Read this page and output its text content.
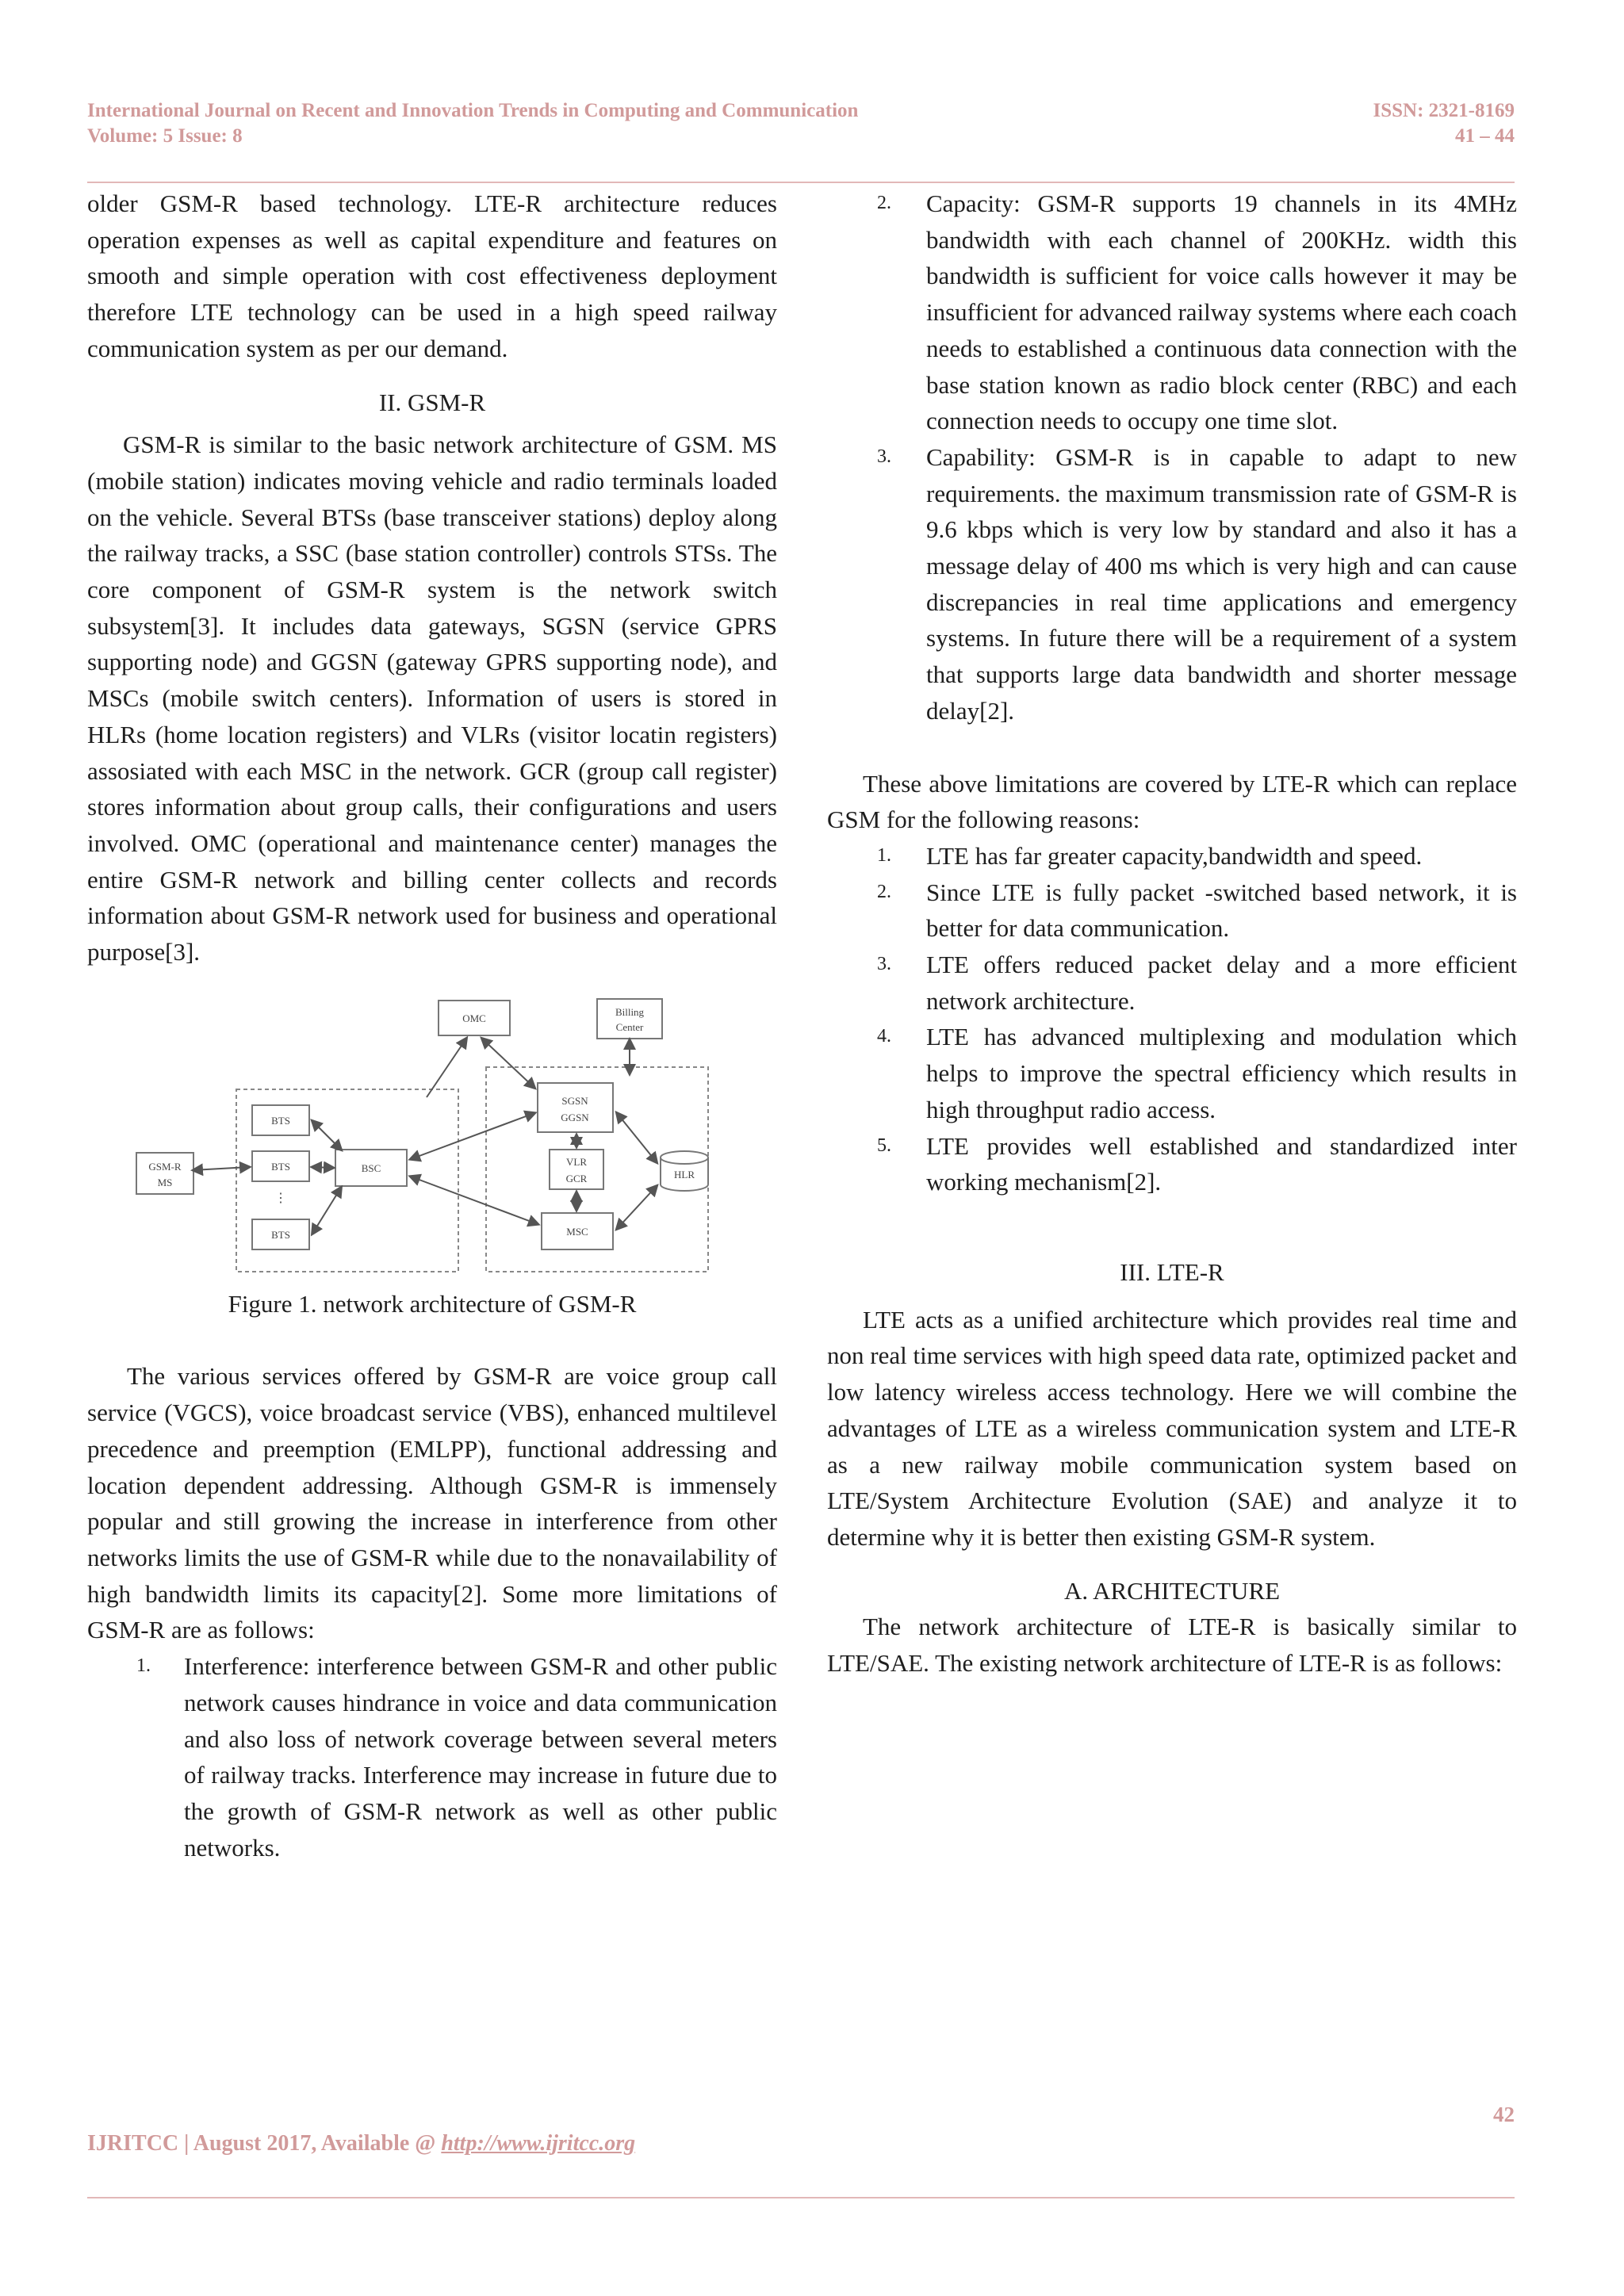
International Journal on Recent and Innovation Trends in Computing and Communication
Volume: 5 Issue: 8
ISSN: 2321-8169
41 – 44

older GSM-R based technology. LTE-R architecture reduces operation expenses as well as capital expenditure and features on smooth and simple operation with cost effectiveness deployment therefore LTE technology can be used in a high speed railway communication system as per our demand.

II. GSM-R

GSM-R is similar to the basic network architecture of GSM. MS (mobile station) indicates moving vehicle and radio terminals loaded on the vehicle. Several BTSs (base transceiver stations) deploy along the railway tracks, a SSC (base station controller) controls STSs. The core component of GSM-R system is the network switch subsystem[3]. It includes data gateways, SGSN (service GPRS supporting node) and GGSN (gateway GPRS supporting node), and MSCs (mobile switch centers). Information of users is stored in HLRs (home location registers) and VLRs (visitor locatin registers) assosiated with each MSC in the network. GCR (group call register) stores information about group calls, their configurations and users involved. OMC (operational and maintenance center) manages the entire GSM-R network and billing center collects and records information about GSM-R network used for business and operational purpose[3].

OMC
Billing
Center
SGSN
GGSN
BTS
BTS
⋮
BTS
GSM-R
MS
BSC
VLR
GCR	HLR
MSC
Figure 1. network architecture of GSM-R

The various services offered by GSM-R are voice group call service (VGCS), voice broadcast service (VBS), enhanced multilevel precedence and preemption (EMLPP), functional addressing and location dependent addressing. Although GSM-R is immensely popular and still growing the increase in interference from other networks limits the use of GSM-R while due to the nonavailability of high bandwidth limits its capacity[2]. Some more limitations of GSM-R are as follows:

1. Interference: interference between GSM-R and other public network causes hindrance in voice and data communication and also loss of network coverage between several meters of railway tracks. Interference may increase in future due to the growth of GSM-R network as well as other public networks.
2. Capacity: GSM-R supports 19 channels in its 4MHz bandwidth with each channel of 200KHz. width this bandwidth is sufficient for voice calls however it may be insufficient for advanced railway systems where each coach needs to established a continuous data connection with the base station known as radio block center (RBC) and each connection needs to occupy one time slot.
3. Capability: GSM-R is in capable to adapt to new requirements. the maximum transmission rate of GSM-R is 9.6 kbps which is very low by standard and also it has a message delay of 400 ms which is very high and can cause discrepancies in real time applications and emergency systems. In future there will be a requirement of a system that supports large data bandwidth and shorter message delay[2].

These above limitations are covered by LTE-R which can replace GSM for the following reasons:

1. LTE has far greater capacity,bandwidth and speed.
2. Since LTE is fully packet -switched based network, it is better for data communication.
3. LTE offers reduced packet delay and a more efficient network architecture.
4. LTE has advanced multiplexing and modulation which helps to improve the spectral efficiency which results in high throughput radio access.
5. LTE provides well established and standardized inter working mechanism[2].
III. LTE-R

LTE acts as a unified architecture which provides real time and non real time services with high speed data rate, optimized packet and low latency wireless access technology. Here we will combine the advantages of LTE as a wireless communication system and LTE-R as a new railway mobile communication system based on LTE/System Architecture Evolution (SAE) and analyze it to determine why it is better then existing GSM-R system.

A. ARCHITECTURE

The network architecture of LTE-R is basically similar to LTE/SAE. The existing network architecture of LTE-R is as follows:

42
IJRITCC | August 2017, Available @ http://www.ijritcc.org
